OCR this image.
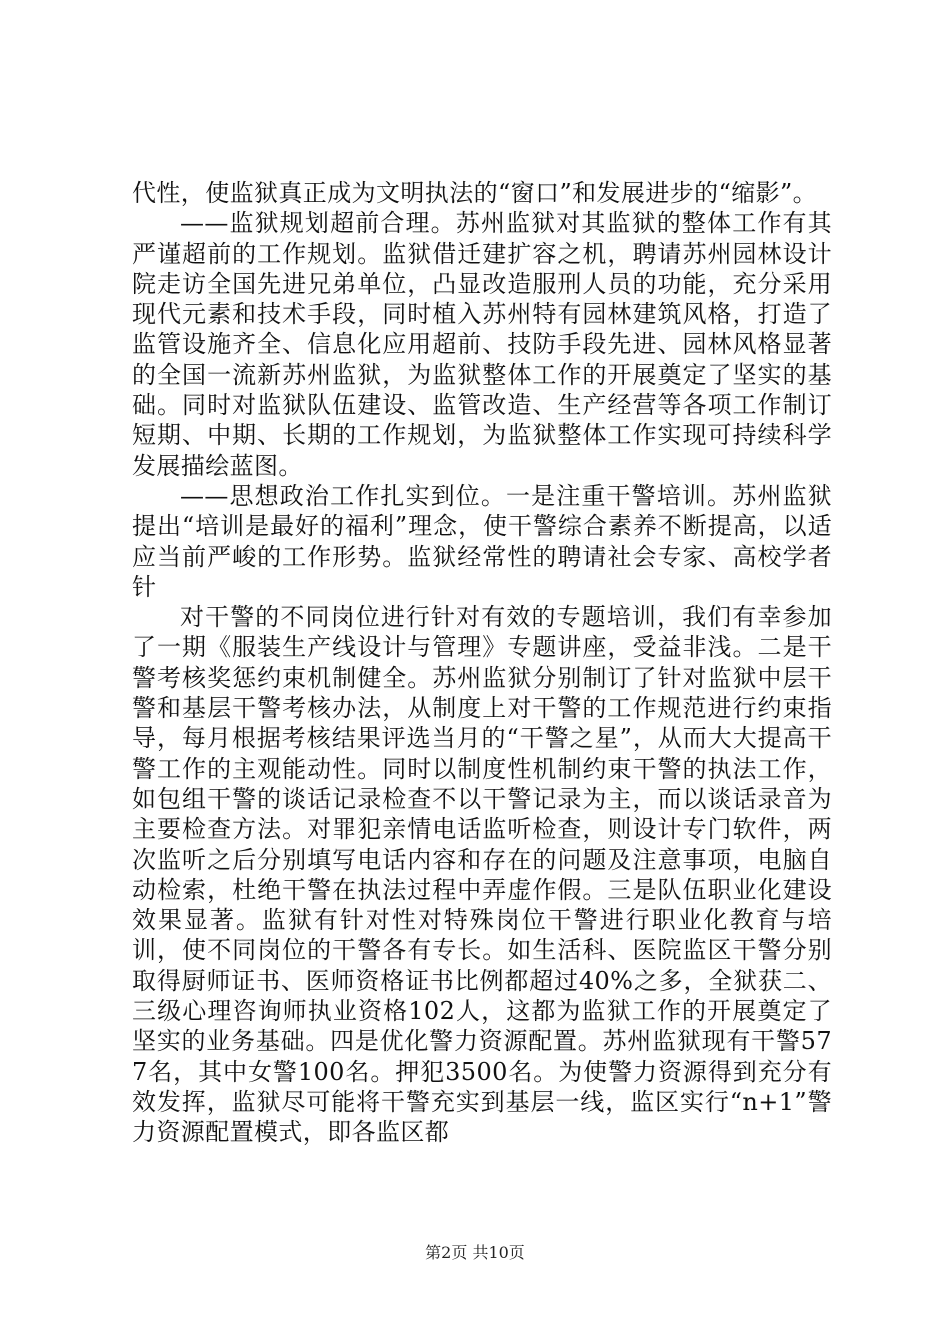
代性，使监狱真正成为文明执法的“窗口”和发展进步的“缩影”。

——监狱规划超前合理。苏州监狱对其监狱的整体工作有其严谨超前的工作规划。监狱借迁建扩容之机，聘请苏州园林设计院走访全国先进兄弟单位，凸显改造服刑人员的功能，充分采用现代元素和技术手段，同时植入苏州特有园林建筑风格，打造了监管设施齐全、信息化应用超前、技防手段先进、园林风格显著的全国一流新苏州监狱，为监狱整体工作的开展奠定了坚实的基础。同时对监狱队伍建设、监管改造、生产经营等各项工作制订短期、中期、长期的工作规划，为监狱整体工作实现可持续科学发展描绘蓝图。

——思想政治工作扎实到位。一是注重干警培训。苏州监狱提出“培训是最好的福利”理念，使干警综合素养不断提高，以适应当前严峻的工作形势。监狱经常性的聘请社会专家、高校学者针

对干警的不同岗位进行针对有效的专题培训，我们有幸参加了一期《服装生产线设计与管理》专题讲座，受益非浅。二是干警考核奖惩约束机制健全。苏州监狱分别制订了针对监狱中层干警和基层干警考核办法，从制度上对干警的工作规范进行约束指导，每月根据考核结果评选当月的“干警之星”，从而大大提高干警工作的主观能动性。同时以制度性机制约束干警的执法工作，如包组干警的谈话记录检查不以干警记录为主，而以谈话录音为主要检查方法。对罪犯亲情电话监听检查，则设计专门软件，两次监听之后分别填写电话内容和存在的问题及注意事项，电脑自动检索，杜绝干警在执法过程中弄虚作假。三是队伍职业化建设效果显著。监狱有针对性对特殊岗位干警进行职业化教育与培训，使不同岗位的干警各有专长。如生活科、医院监区干警分别取得厨师证书、医师资格证书比例都超过40%之多，全狱获二、三级心理咨询师执业资格102人，这都为监狱工作的开展奠定了坚实的业务基础。四是优化警力资源配置。苏州监狱现有干警577名，其中女警100名。押犯3500名。为使警力资源得到充分有效发挥，监狱尽可能将干警充实到基层一线，监区实行“n+1”警力资源配置模式，即各监区都

第2页 共10页
